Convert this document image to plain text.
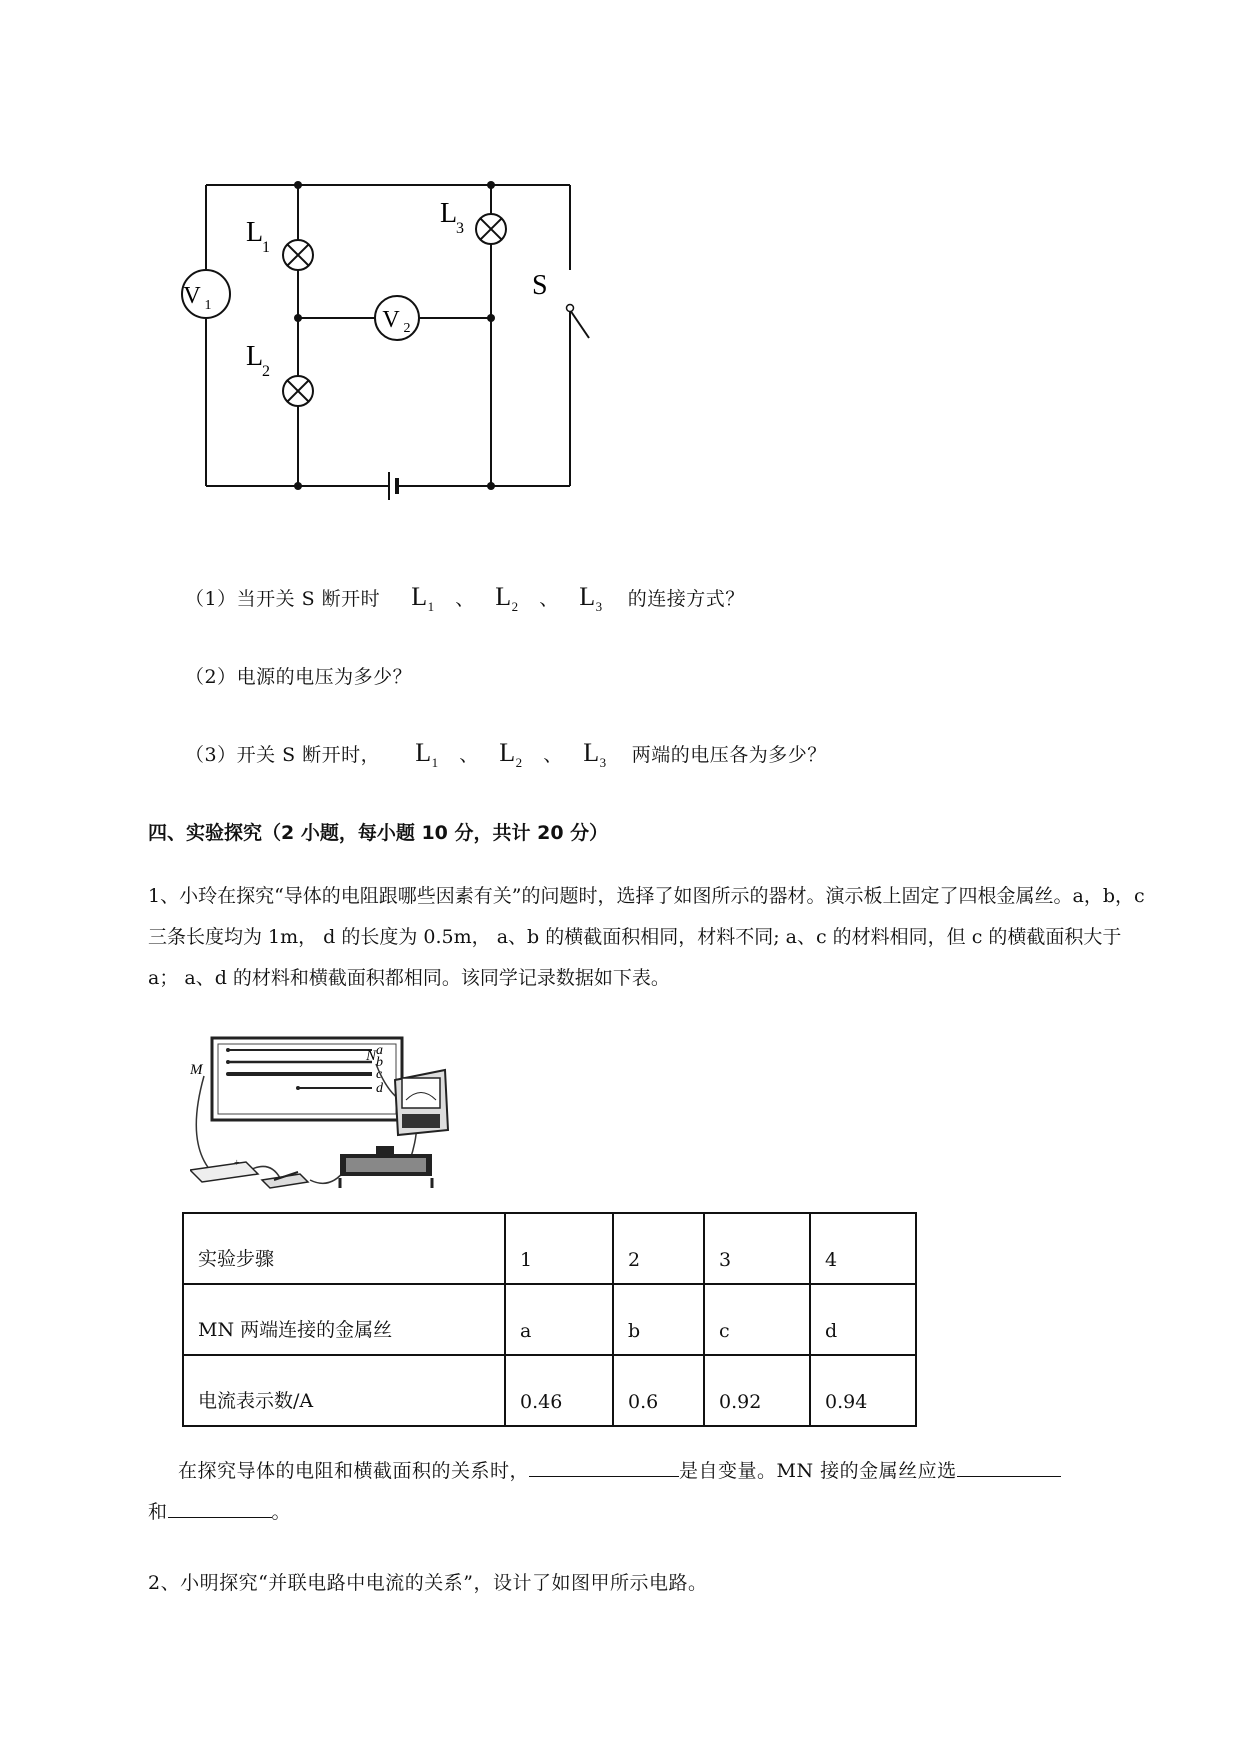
V 1
V 2
L
1
L
2
L
3
S
（1）当开关 S 断开时 $L_1$ 、 $L_2$ 、 $L_3$ 的连接方式？
（2）电源的电压为多少？
（3）开关 S 断开时， $L_1$ 、 $L_2$ 、 $L_3$ 两端的电压各为多少？
四、实验探究（2 小题，每小题 10 分，共计 20 分）
1、小玲在探究“导体的电阻跟哪些因素有关”的问题时，选择了如图所示的器材。演示板上固定了四根金属丝。a，b，c 三条长度均为 1m， d 的长度为 0.5m， a、b 的横截面积相同，材料不同; a、c 的材料相同，但 c 的横截面积大于 a； a、d 的材料和横截面积都相同。该同学记录数据如下表。
a
b
c
d
M
N
− +
实验步骤	1	2	3	4
MN 两端连接的金属丝	a	b	c	d
电流表示数/A	0.46	0.6	0.92	0.94
在探究导体的电阻和横截面积的关系时，	是自变量。MN 接的金属丝应选
和	。
2、小明探究“并联电路中电流的关系”，设计了如图甲所示电路。
